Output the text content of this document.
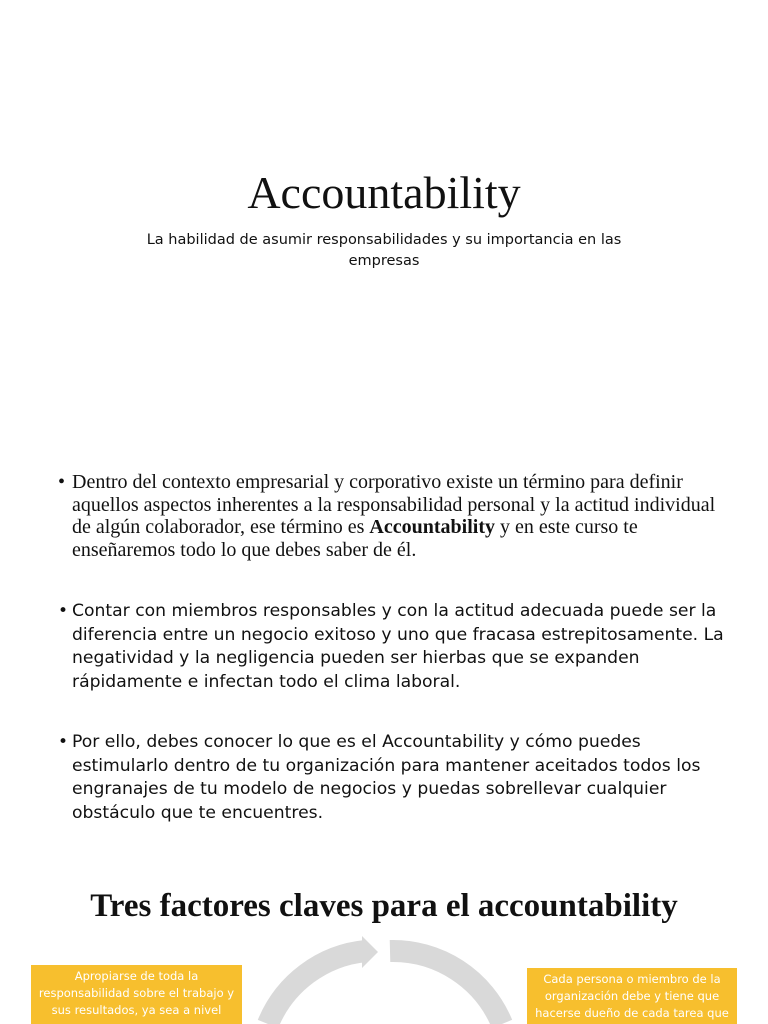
Accountability
La habilidad de asumir responsabilidades y su importancia en las empresas
• Dentro del contexto empresarial y corporativo existe un término para definir aquellos aspectos inherentes a la responsabilidad personal y la actitud individual de algún colaborador, ese término es Accountability y en este curso te enseñaremos todo lo que debes saber de él.
• Contar con miembros responsables y con la actitud adecuada puede ser la diferencia entre un negocio exitoso y uno que fracasa estrepitosamente. La negatividad y la negligencia pueden ser hierbas que se expanden rápidamente e infectan todo el clima laboral.
• Por ello, debes conocer lo que es el Accountability y cómo puedes estimularlo dentro de tu organización para mantener aceitados todos los engranajes de tu modelo de negocios y puedas sobrellevar cualquier obstáculo que te encuentres.
Tres factores claves para el accountability
Apropiarse de toda la responsabilidad sobre el trabajo y sus resultados, ya sea a nivel
Cada persona o miembro de la organización debe y tiene que hacerse dueño de cada tarea que
